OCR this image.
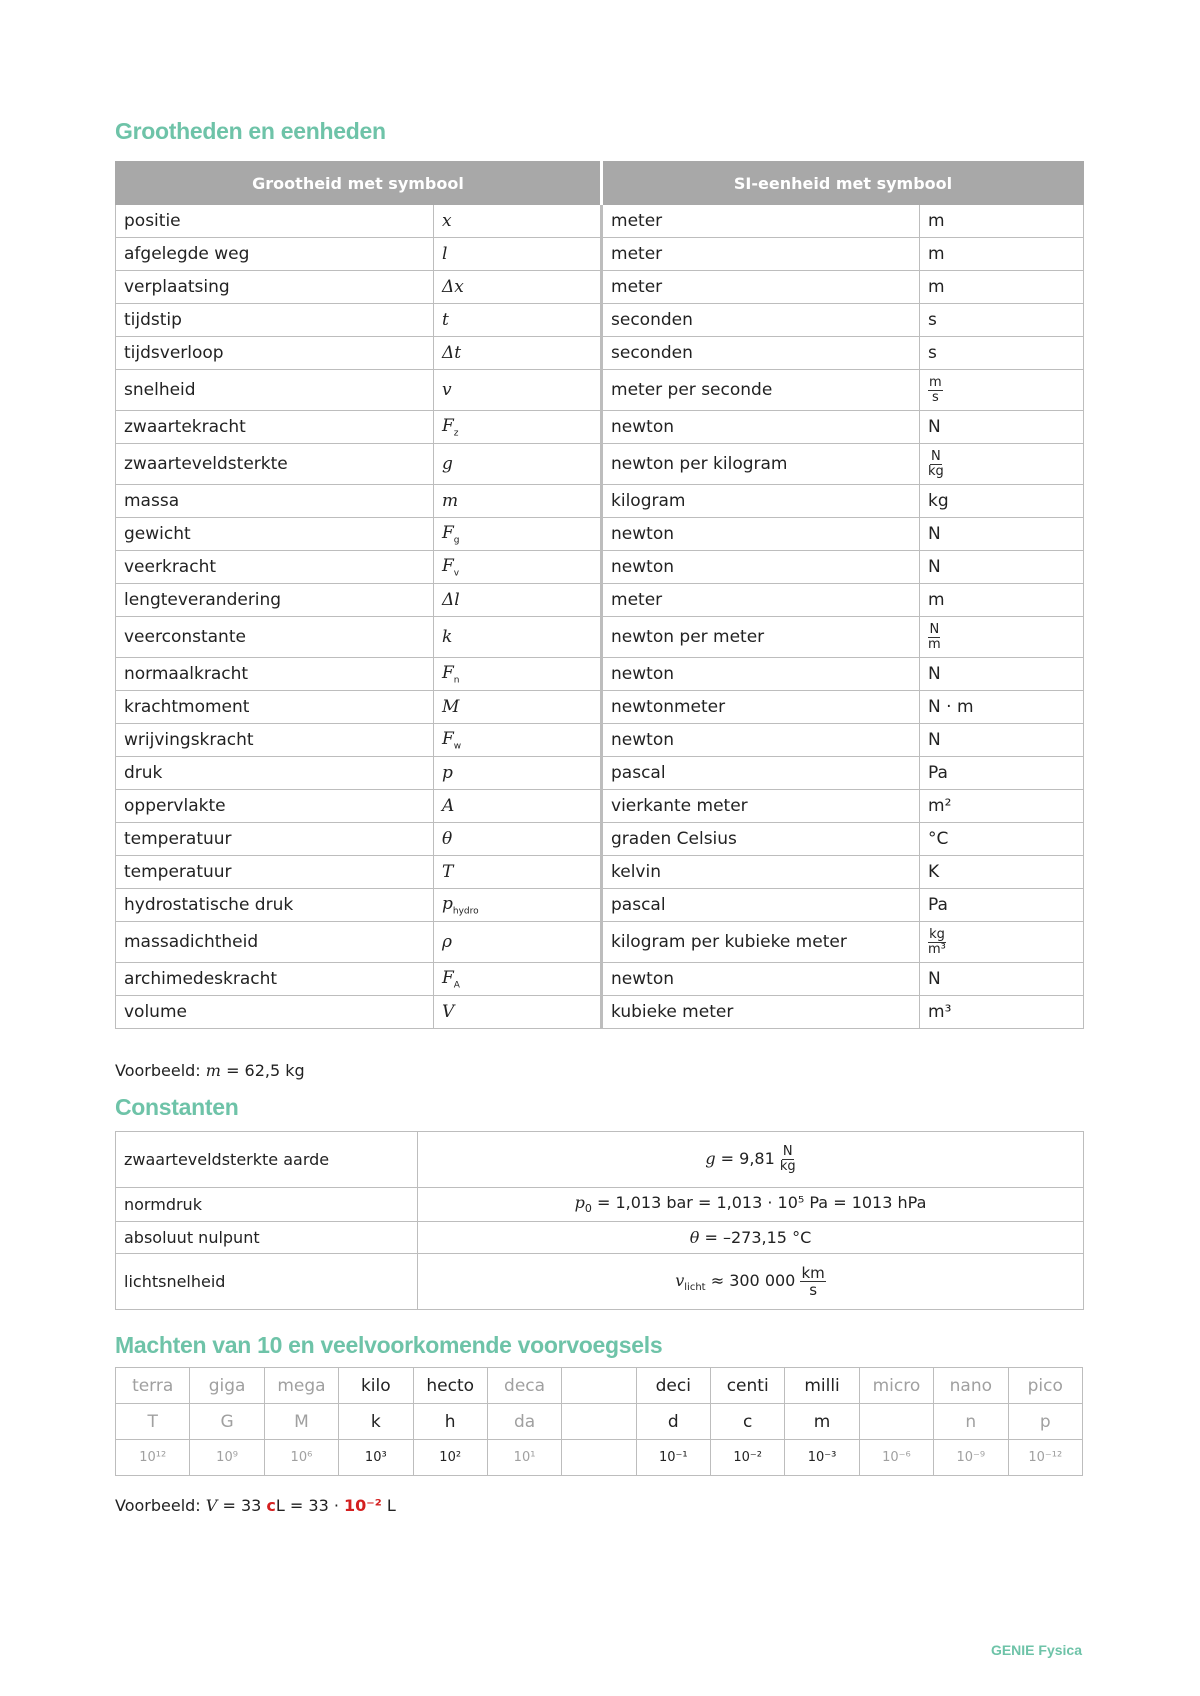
Grootheden en eenheden
Grootheid met symbool		SI-eenheid met symbool	
positie	x	meter	m
afgelegde weg	l	meter	m
verplaatsing	Δx	meter	m
tijdstip	t	seconden	s
tijdsverloop	Δt	seconden	s
snelheid	v	meter per seconde	$\frac{m}{s}$

zwaartekracht	$F_z$	newton	N
zwaarteveldsterkte	g	newton per kilogram	$\frac{N}{kg}$

massa	m	kilogram	kg
gewicht	$F_g$	newton	N
veerkracht	$F_v$	newton	N
lengteverandering	Δl	meter	m
veerconstante	k	newton per meter	$\frac{N}{m}$

normaalkracht	$F_n$	newton	N
krachtmoment	M	newtonmeter	N · m
wrijvingskracht	$F_w$	newton	N
druk	p	pascal	Pa
oppervlakte	A	vierkante meter	m²
temperatuur	θ	graden Celsius	°C
temperatuur	T	kelvin	K
hydrostatische druk	$p_{hydro}$	pascal	Pa
massadichtheid	ρ	kilogram per kubieke meter	$\frac{kg}{\text{m³}}$

archimedeskracht	$F_A$	newton	N
volume	V	kubieke meter	m³

Voorbeeld: m = 62,5 kg

Constanten
zwaarteveldsterkte aarde	$g = 9,81 \frac{N}{kg}$

normdruk	$p_0 = 1,013$ bar = 1,013 · 10⁵ Pa = 1013 hPa
absoluut nulpunt	θ = –273,15 °C
lichtsnelheid	$v_{licht} \approx 300$ $000 \frac{km}{s}$
Machten van 10 en veelvoorkomende voorvoegsels
terra	giga	mega	kilo	hecto	deca		deci	centi	milli	micro	nano	pico
T	G	M	k	h	da		d	c	m		n	p
10¹²	10⁹	10⁶	10³	10²	10¹		10⁻¹	10⁻²	10⁻³	10⁻⁶	10⁻⁹	10⁻¹²

Voorbeeld: V = 33 cL = 33 · 10⁻² L

GENIE Fysica
